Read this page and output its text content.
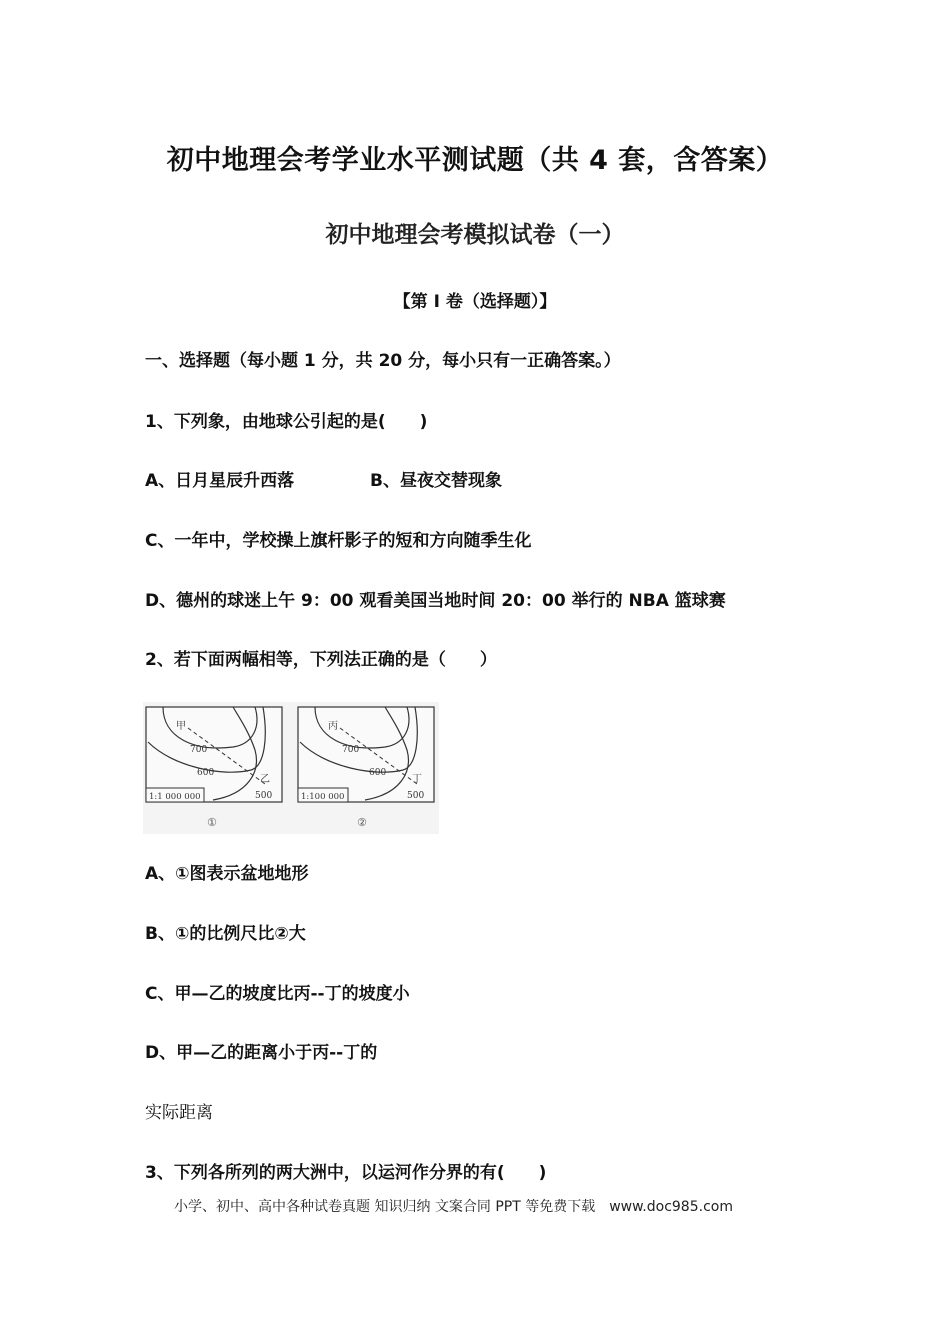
初中地理会考学业水平测试题（共 4 套，含答案）
初中地理会考模拟试卷（一）
【第 I 卷（选择题）】
一、选择题（每小题 1 分，共 20 分，每小只有一正确答案。）
1、下列象，由地球公引起的是(  )
A、日月星辰升西落	B、昼夜交替现象
C、一年中，学校操上旗杆影子的短和方向随季生化
D、德州的球迷上午 9：00 观看美国当地时间 20：00 举行的 NBA 篮球赛
2、若下面两幅相等，下列法正确的是（  ）
甲
700
600
乙
500
1:1 000 000
①
丙
700
600
丁
500
1:100 000
②
A、①图表示盆地地形
B、①的比例尺比②大
C、甲—乙的坡度比丙--丁的坡度小
D、甲—乙的距离小于丙--丁的
实际距离
3、下列各所列的两大洲中，以运河作分界的有(  )
小学、初中、高中各种试卷真题 知识归纳 文案合同 PPT 等免费下载 www.doc985.com
